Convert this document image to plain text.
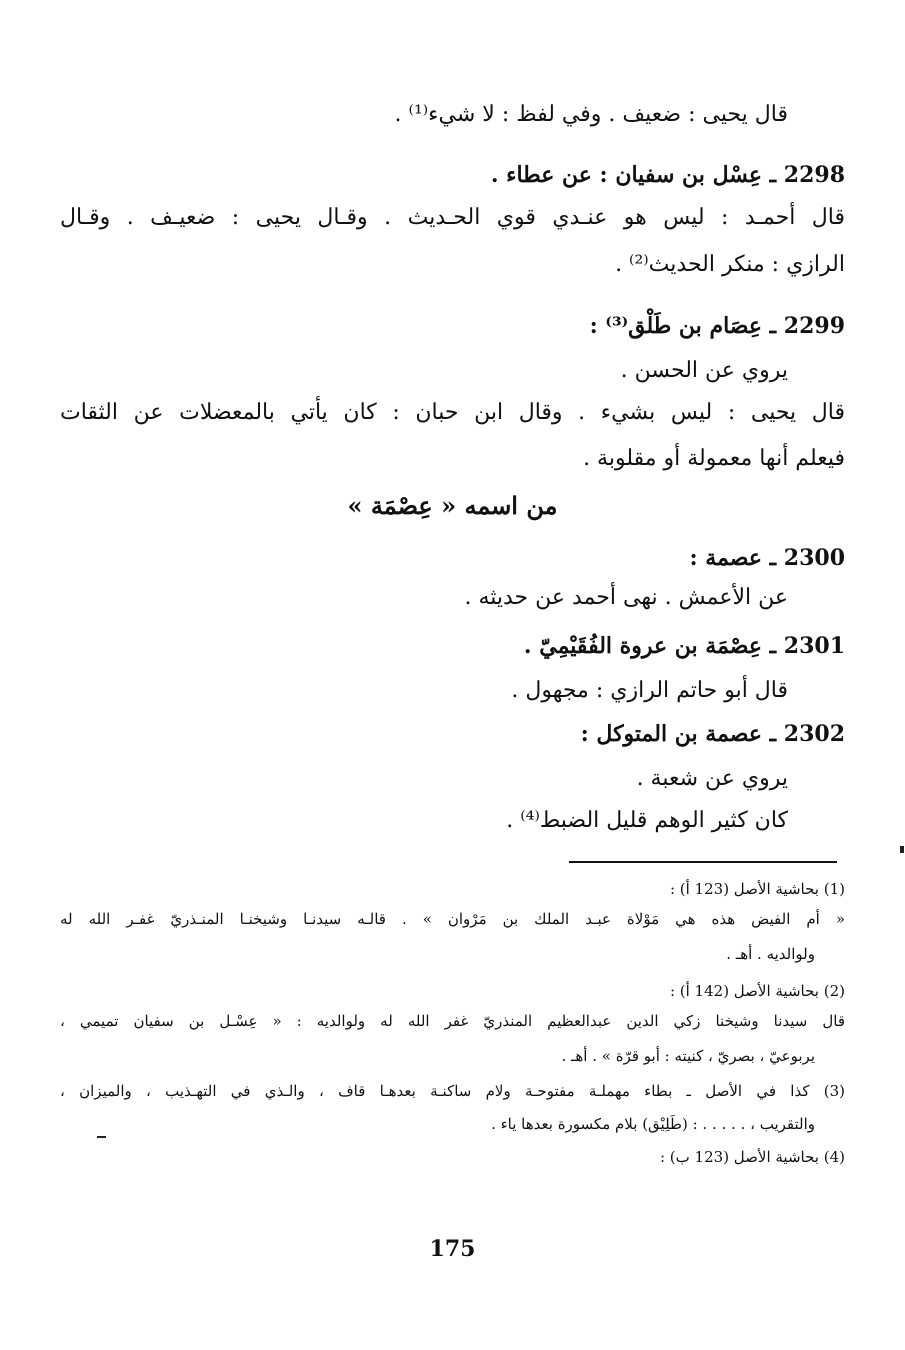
قال يحيى : ضعيف . وفي لفظ : لا شيء⁽¹⁾ .
2298 ـ عِسْل بن سفيان : عن عطاء .
قال أحمـد : ليس هو عنـدي قوي الحـديث . وقـال يحيى : ضعيـف . وقـال
الرازي : منكر الحديث⁽²⁾ .
2299 ـ عِصَام بن طَلْق⁽³⁾ :
يروي عن الحسن .
قال يحيى : ليس بشيء . وقال ابن حبان : كان يأتي بالمعضلات عن الثقات
فيعلم أنها معمولة أو مقلوبة .
من اسمه « عِصْمَة »
2300 ـ عصمة :
عن الأعمش . نهى أحمد عن حديثه .
2301 ـ عِصْمَة بن عروة الفُقَيْمِيّ .
قال أبو حاتم الرازي : مجهول .
2302 ـ عصمة بن المتوكل :
يروي عن شعبة .
كان كثير الوهم قليل الضبط⁽⁴⁾ .
(1) بحاشية الأصل (123 أ) :
« أم الفيض هذه هي مَوْلاة عبـد الملك بن مَرْوان » . قالـه سيدنـا وشيخنـا المنـذريّ غفـر الله له
ولوالديه . أهـ .
(2) بحاشية الأصل (142 أ) :
قال سيدنا وشيخنا زكي الدين عبدالعظيم المنذريّ غفر الله له ولوالديه : « عِسْـل بن سفيان تميمي ،
يربوعيّ ، بصريّ ، كنيته : أبو قرّة » . أهـ .
(3) كذا في الأصل ـ بطاء مهملـة مفتوحـة ولام ساكنـة بعدهـا قاف ، والـذي في التهـذيب ، والميزان ،
والتقريب ، . . . . . : (طَلِيْق) بلام مكسورة بعدها ياء .
(4) بحاشية الأصل (123 ب) :
175
